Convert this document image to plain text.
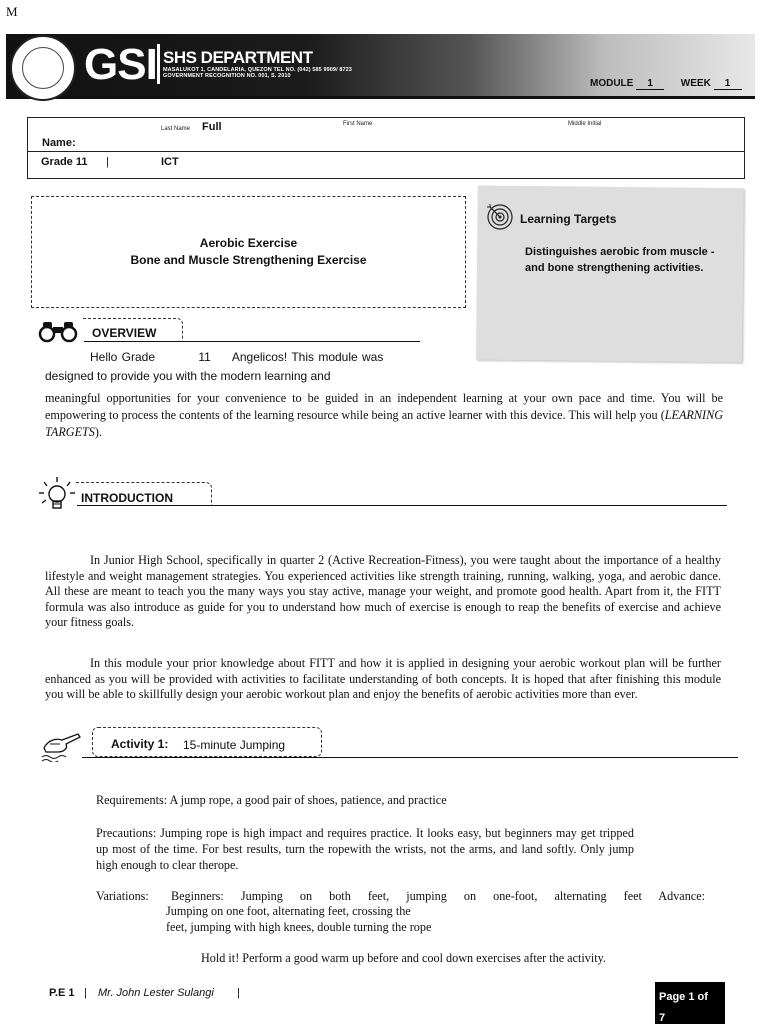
M
GSI SHS DEPARTMENT
MASALUKOT 1, CANDELARIA, QUEZON TEL NO. (042) 585 9909/ 8723
GOVERNMENT RECOGNITION NO. 001, S. 2010
MODULE 1	WEEK 1
Last Name Full	First Name	Middle Initial
Name:
Grade 11 |	ICT
Aerobic Exercise
Bone and Muscle Strengthening Exercise
Learning Targets
Distinguishes aerobic from muscle - and bone strengthening activities.
OVERVIEW
Hello Grade          11     Angelicos! This module was
designed to provide you with the modern learning and
meaningful opportunities for your convenience to be guided in an independent learning at your own pace and time. You will be empowering to process the contents of the learning resource while being an active learner with this device. This will help you (LEARNING TARGETS).
INTRODUCTION
In Junior High School, specifically in quarter 2 (Active Recreation-Fitness), you were taught about the importance of a healthy lifestyle and weight management strategies. You experienced activities like strength training, running, walking, yoga, and aerobic dance. All these are meant to teach you the many ways you stay active, manage your weight, and promote good health. Apart from it, the FITT formula was also introduce as guide for you to understand how much of exercise is enough to reap the benefits of exercise and achieve your fitness goals.
In this module your prior knowledge about FITT and how it is applied in designing your aerobic workout plan will be further enhanced as you will be provided with activities to facilitate understanding of both concepts. It is hoped that after finishing this module you will be able to skillfully design your aerobic workout plan and enjoy the benefits of aerobic activities more than ever.
Activity 1: 15-minute Jumping
Requirements: A jump rope, a good pair of shoes, patience, and practice
Precautions: Jumping rope is high impact and requires practice. It looks easy, but beginners may get tripped up most of the time. For best results, turn the ropewith the wrists, not the arms, and land softly. Only jump high enough to clear therope.
Variations: Beginners: Jumping on both feet, jumping on one-foot, alternating feet Advance:
Jumping on one foot, alternating feet, crossing the
feet, jumping with high knees, double turning the rope
Hold it! Perform a good warm up before and cool down exercises after the activity.
P.E 1 | Mr. John Lester Sulangi |	Page 1 of
7
